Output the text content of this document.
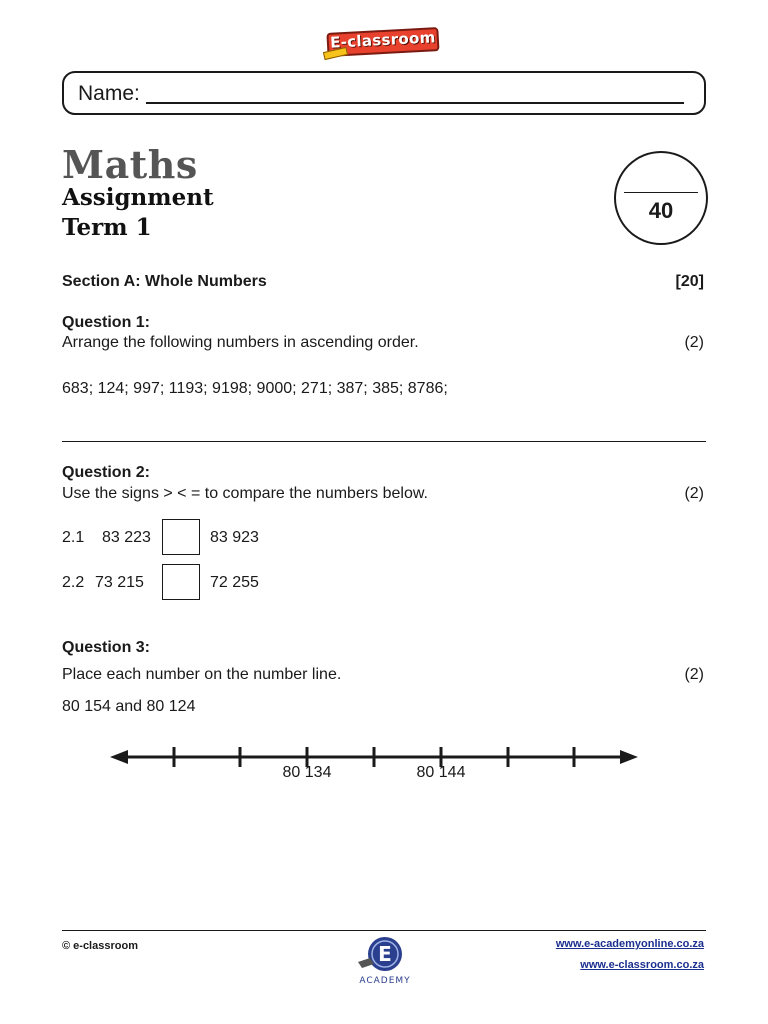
E-classroom
Name:
Maths
Assignment
Term 1
40
Section A: Whole Numbers	[20]
Question 1:
Arrange the following numbers in ascending order.	(2)
683; 124; 997; 1193; 9198; 9000; 271; 387; 385; 8786;
Question 2:
Use the signs > < = to compare the numbers below.	(2)
2.1 83 223	83 923
2.2 73 215	72 255
Question 3:
Place each number on the number line.	(2)
80 154 and 80 124
80 134	80 144
© e-classroom	E
ACADEMY
www.e-academyonline.co.za
www.e-classroom.co.za
